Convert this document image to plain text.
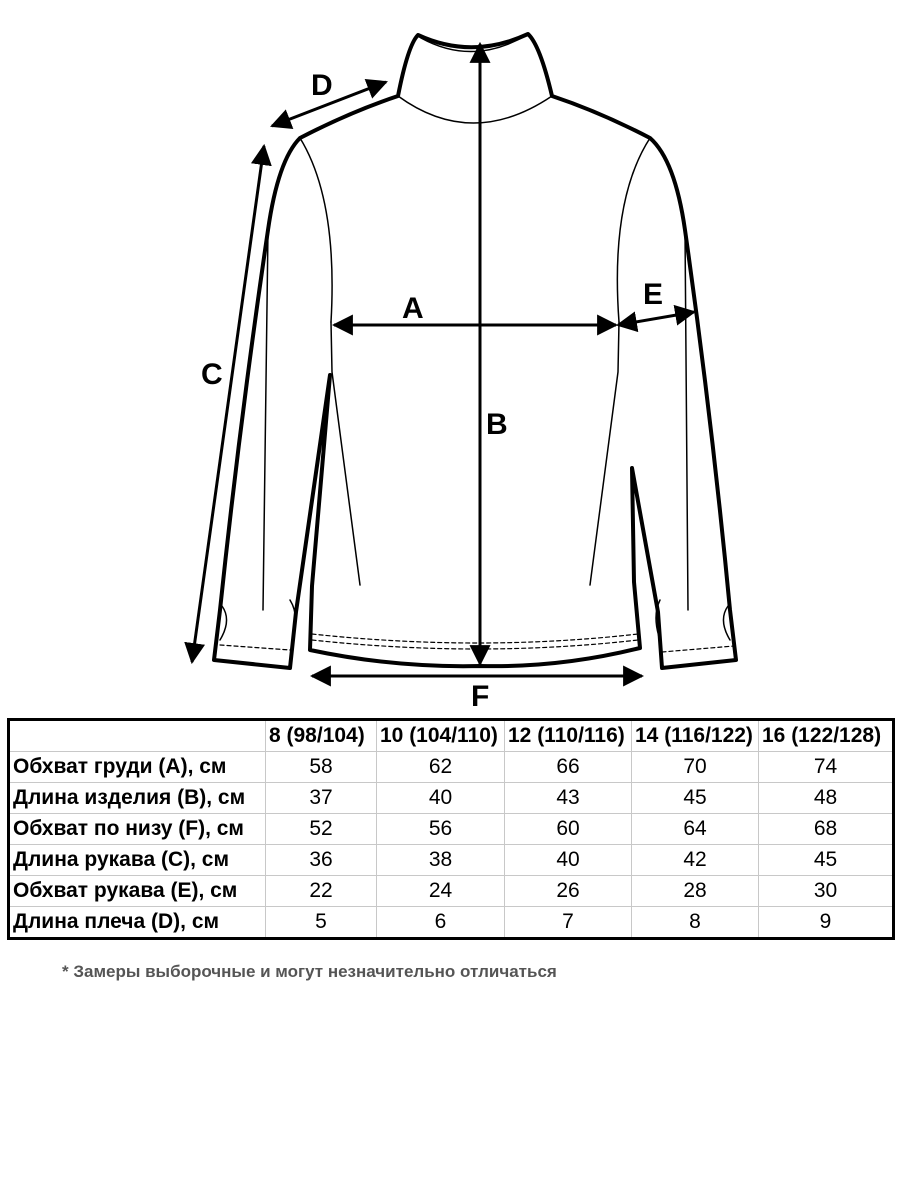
A
B
C
D
E
F
	8 (98/104)	10 (104/110)	12 (110/116)	14 (116/122)	16 (122/128)
Обхват груди (A), см	58	62	66	70	74
Длина изделия (B), см	37	40	43	45	48
Обхват по низу (F), см	52	56	60	64	68
Длина рукава (C), см	36	38	40	42	45
Обхват рукава (E), см	22	24	26	28	30
Длина плеча (D), см	5	6	7	8	9
* Замеры выборочные и могут незначительно отличаться
